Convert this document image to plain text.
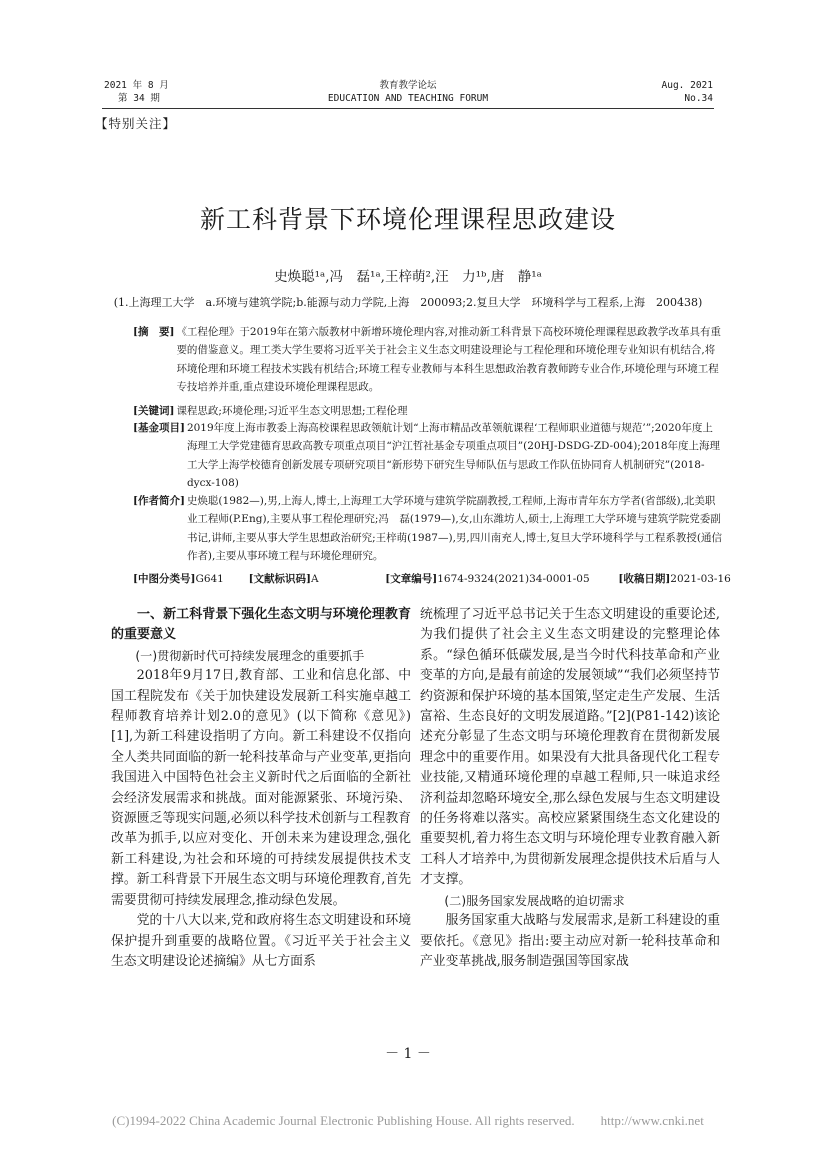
2021 年 8 月
第 34 期
教育教学论坛
EDUCATION AND TEACHING FORUM
Aug. 2021
No.34
【特别关注】
新工科背景下环境伦理课程思政建设
史焕聪¹ᵃ,冯　磊¹ᵃ,王梓萌²,汪　力¹ᵇ,唐　静¹ᵃ
(1.上海理工大学　a.环境与建筑学院;b.能源与动力学院,上海　200093;2.复旦大学　环境科学与工程系,上海　200438)
[摘　要] 《工程伦理》于2019年在第六版教材中新增环境伦理内容,对推动新工科背景下高校环境伦理课程思政教学改革具有重要的借鉴意义。理工类大学生要将习近平关于社会主义生态文明建设理论与工程伦理和环境伦理专业知识有机结合,将环境伦理和环境工程技术实践有机结合;环境工程专业教师与本科生思想政治教育教师跨专业合作,环境伦理与环境工程专技培养并重,重点建设环境伦理课程思政。
[关键词] 课程思政;环境伦理;习近平生态文明思想;工程伦理
[基金项目] 2019年度上海市教委上海高校课程思政领航计划“上海市精品改革领航课程‘工程师职业道德与规范’”;2020年度上海理工大学党建德育思政高教专项重点项目“沪江哲社基金专项重点项目”(20HJ-DSDG-ZD-004);2018年度上海理工大学上海学校德育创新发展专项研究项目“新形势下研究生导师队伍与思政工作队伍协同育人机制研究”(2018-dycx-108)
[作者简介] 史焕聪(1982—),男,上海人,博士,上海理工大学环境与建筑学院副教授,工程师,上海市青年东方学者(省部级),北美职业工程师(P.Eng),主要从事工程伦理研究;冯　磊(1979—),女,山东潍坊人,硕士,上海理工大学环境与建筑学院党委副书记,讲师,主要从事大学生思想政治研究;王梓萌(1987—),男,四川南充人,博士,复旦大学环境科学与工程系教授(通信作者),主要从事环境工程与环境伦理研究。
[中图分类号]G641 [文献标识码]A	[文章编号]1674-9324(2021)34-0001-05	[收稿日期]2021-03-16

一、新工科背景下强化生态文明与环境伦理教育的重要意义

(一)贯彻新时代可持续发展理念的重要抓手

2018年9月17日,教育部、工业和信息化部、中国工程院发布《关于加快建设发展新工科实施卓越工程师教育培养计划2.0的意见》(以下简称《意见》)[1],为新工科建设指明了方向。新工科建设不仅指向全人类共同面临的新一轮科技革命与产业变革,更指向我国进入中国特色社会主义新时代之后面临的全新社会经济发展需求和挑战。面对能源紧张、环境污染、资源匮乏等现实问题,必须以科学技术创新与工程教育改革为抓手,以应对变化、开创未来为建设理念,强化新工科建设,为社会和环境的可持续发展提供技术支撑。新工科背景下开展生态文明与环境伦理教育,首先需要贯彻可持续发展理念,推动绿色发展。

党的十八大以来,党和政府将生态文明建设和环境保护提升到重要的战略位置。《习近平关于社会主义生态文明建设论述摘编》从七方面系

统梳理了习近平总书记关于生态文明建设的重要论述,为我们提供了社会主义生态文明建设的完整理论体系。“绿色循环低碳发展,是当今时代科技革命和产业变革的方向,是最有前途的发展领域”“我们必须坚持节约资源和保护环境的基本国策,坚定走生产发展、生活富裕、生态良好的文明发展道路。”[2](P81-142)该论述充分彰显了生态文明与环境伦理教育在贯彻新发展理念中的重要作用。如果没有大批具备现代化工程专业技能,又精通环境伦理的卓越工程师,只一味追求经济利益却忽略环境安全,那么绿色发展与生态文明建设的任务将难以落实。高校应紧紧围绕生态文化建设的重要契机,着力将生态文明与环境伦理专业教育融入新工科人才培养中,为贯彻新发展理念提供技术后盾与人才支撑。

(二)服务国家发展战略的迫切需求

服务国家重大战略与发展需求,是新工科建设的重要依托。《意见》指出:要主动应对新一轮科技革命和产业变革挑战,服务制造强国等国家战

－ 1 －
(C)1994-2022 China Academic Journal Electronic Publishing House. All rights reserved.　　http://www.cnki.net
